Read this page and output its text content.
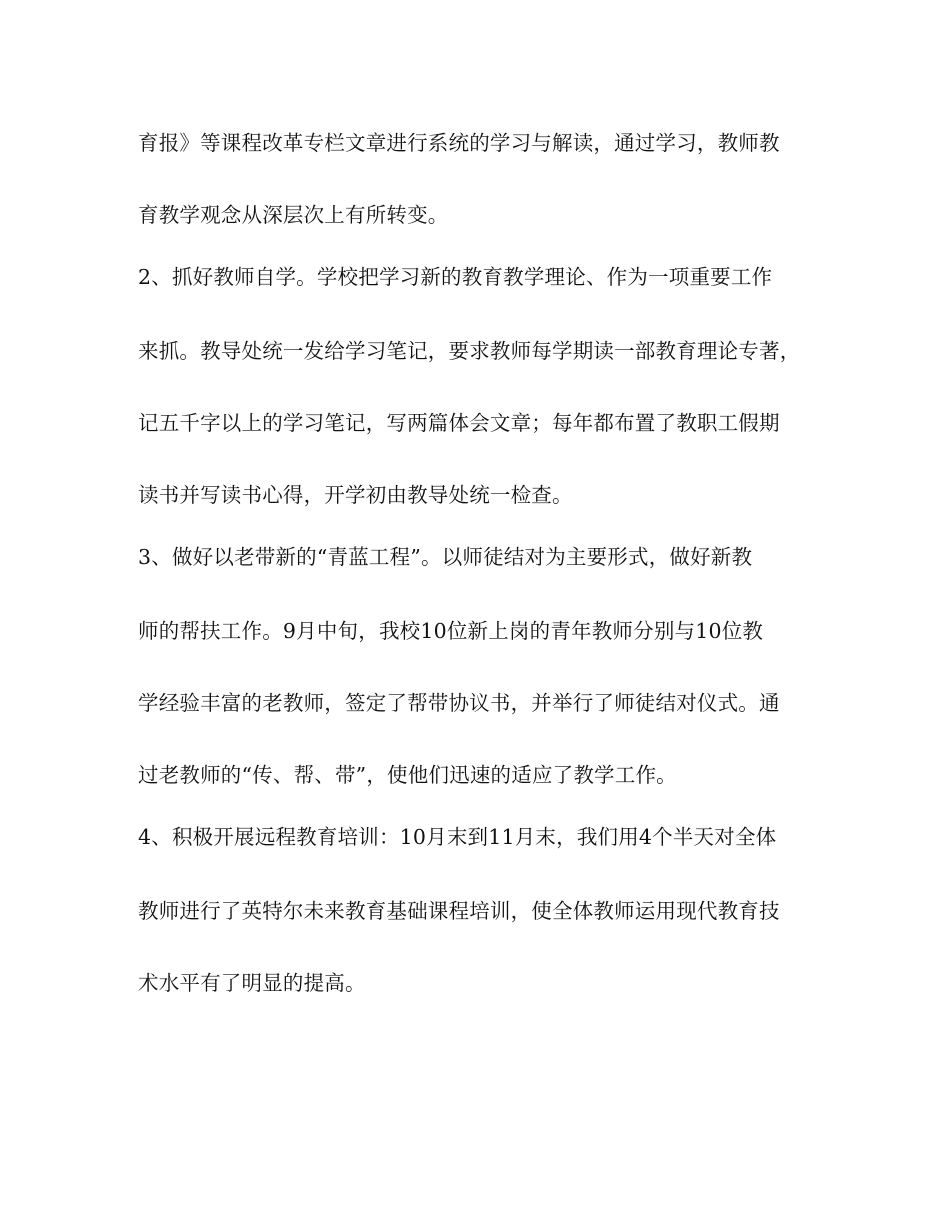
育报》等课程改革专栏文章进行系统的学习与解读，通过学习，教师教
育教学观念从深层次上有所转变。
2、抓好教师自学。学校把学习新的教育教学理论、作为一项重要工作
来抓。教导处统一发给学习笔记，要求教师每学期读一部教育理论专著，
记五千字以上的学习笔记，写两篇体会文章；每年都布置了教职工假期
读书并写读书心得，开学初由教导处统一检查。
3、做好以老带新的“青蓝工程”。以师徒结对为主要形式，做好新教
师的帮扶工作。9月中旬，我校10位新上岗的青年教师分别与10位教
学经验丰富的老教师，签定了帮带协议书，并举行了师徒结对仪式。通
过老教师的“传、帮、带”，使他们迅速的适应了教学工作。
4、积极开展远程教育培训：10月末到11月末，我们用4个半天对全体
教师进行了英特尔未来教育基础课程培训，使全体教师运用现代教育技
术水平有了明显的提高。
